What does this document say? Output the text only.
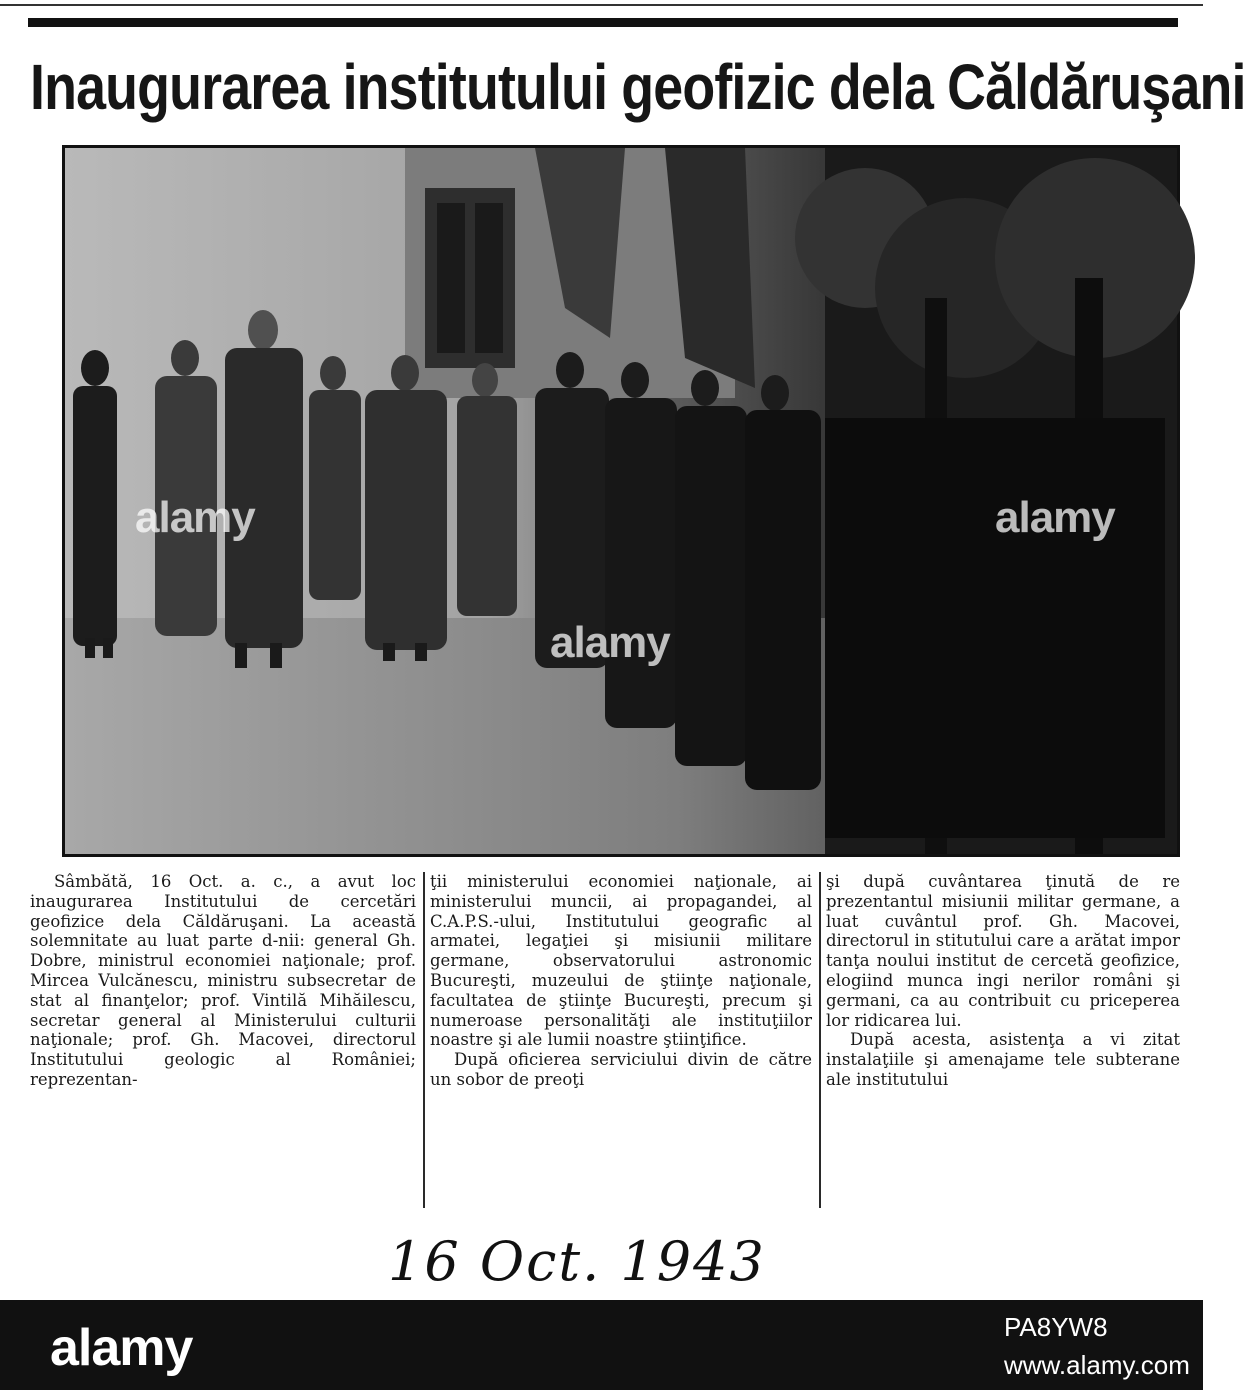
Inaugurarea institutului geofizic dela Căldăruşani
alamy	alamy
alamy

Sâmbătă, 16 Oct. a. c., a avut loc inaugurarea Institutului de cercetări geofizice dela Căldăruşani. La această solemnitate au luat parte d-nii: general Gh. Dobre, ministrul economiei naţionale; prof. Mircea Vulcănescu, ministru subsecretar de stat al finanţelor; prof. Vintilă Mihăilescu, secretar general al Ministerului culturii naţionale; prof. Gh. Macovei, directorul Institutului geologic al României; reprezentan-

ţii ministerului economiei naţionale, ai ministerului muncii, ai propagandei, al C.A.P.S.-ului, Institutului geografic al armatei, legaţiei şi misiunii militare germane, observatorului astronomic Bucureşti, muzeului de ştiinţe naţionale, facultatea de ştiinţe Bucureşti, precum şi numeroase personalităţi ale instituţiilor noastre şi ale lumii noastre ştiinţifice.

După oficierea serviciului divin de către un sobor de preoţi

şi după cuvântarea ţinută de re prezentantul misiunii militar germane, a luat cuvântul prof. Gh. Macovei, directorul in stitutului care a arătat impor tanţa noului institut de cercetă geofizice, elogiind munca ingi nerilor români şi germani, ca au contribuit cu priceperea lor ridicarea lui.

După acesta, asistenţa a vi zitat instalaţiile şi amenajame tele subterane ale institutului

16 Oct. 1943
alamy	PA8YW8
www.alamy.com
